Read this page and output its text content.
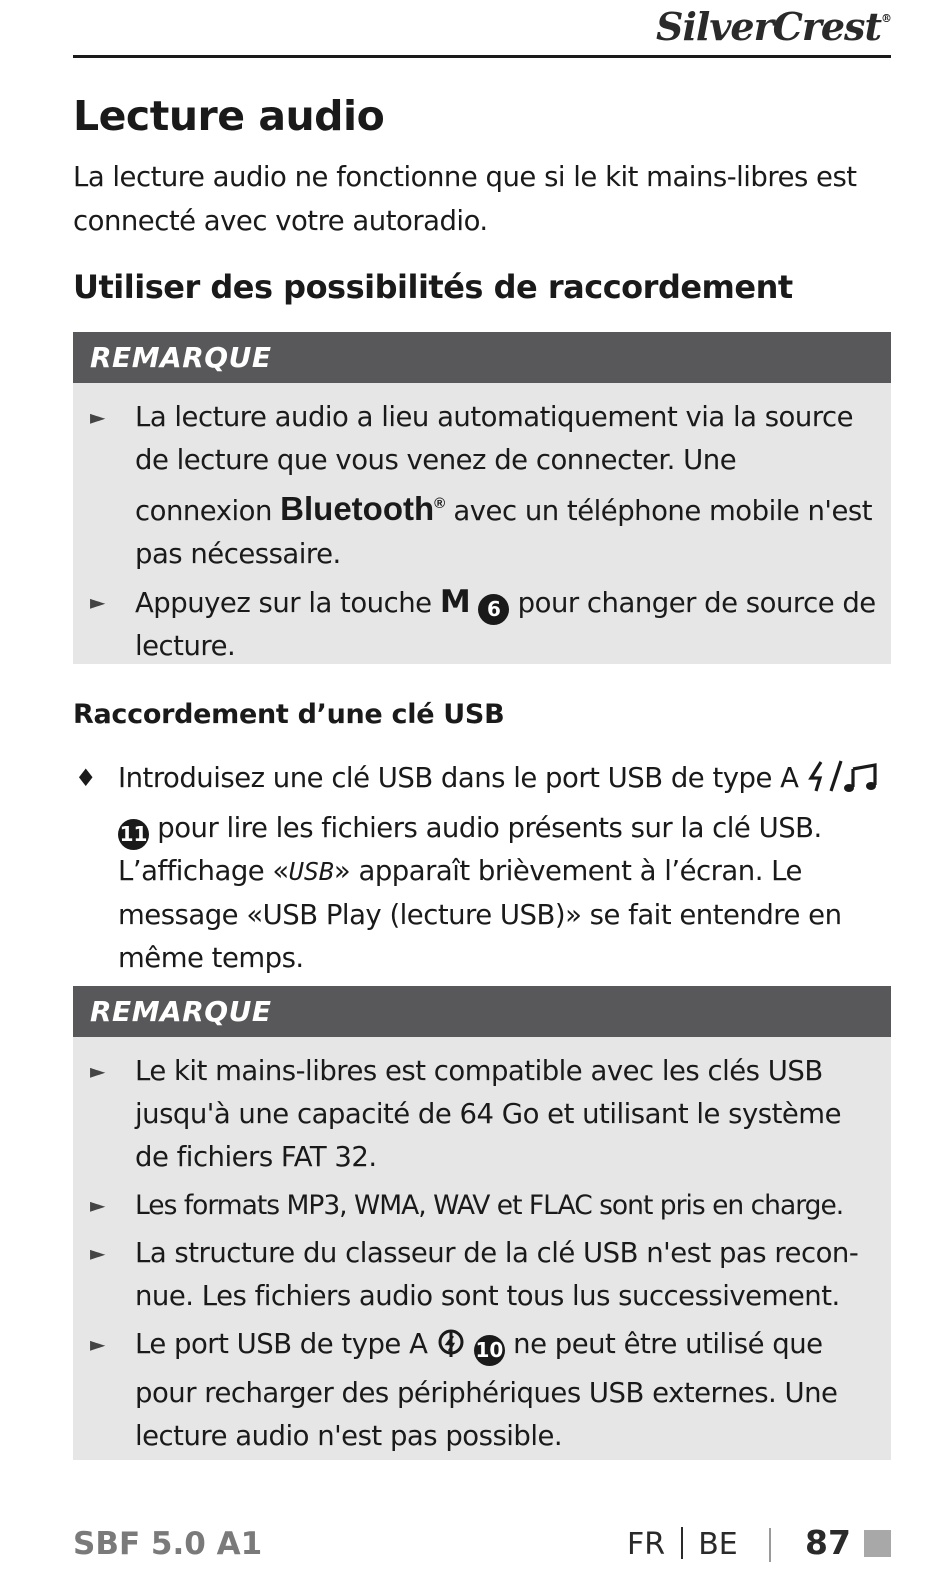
SilverCrest®
Lecture audio

La lecture audio ne fonctionne que si le kit mains-libres est connecté avec votre autoradio.

Utiliser des possibilités de raccordement
REMARQUE
► La lecture audio a lieu automatiquement via la source de lecture que vous venez de connecter. Une connexion Bluetooth® avec un téléphone mobile n'est pas nécessaire.
► Appuyez sur la touche M 6 pour changer de source de lecture.
Raccordement d’une clé USB

♦ Introduisez une clé USB dans le port USB de type A  11 pour lire les fichiers audio présents sur la clé USB. L’affichage «USB» apparaît brièvement à l’écran. Le message «USB Play (lecture USB)» se fait entendre en même temps.

REMARQUE
► Le kit mains-libres est compatible avec les clés USB jusqu'à une capacité de 64 Go et utilisant le système de fichiers FAT 32.
► Les formats MP3, WMA, WAV et FLAC sont pris en charge.
► La structure du classeur de la clé USB n'est pas reconnue. Les fichiers audio sont tous lus successivement.
► Le port USB de type A  10 ne peut être utilisé que pour recharger des périphériques USB externes. Une lecture audio n'est pas possible.
SBF 5.0 A1	FR BE 87
